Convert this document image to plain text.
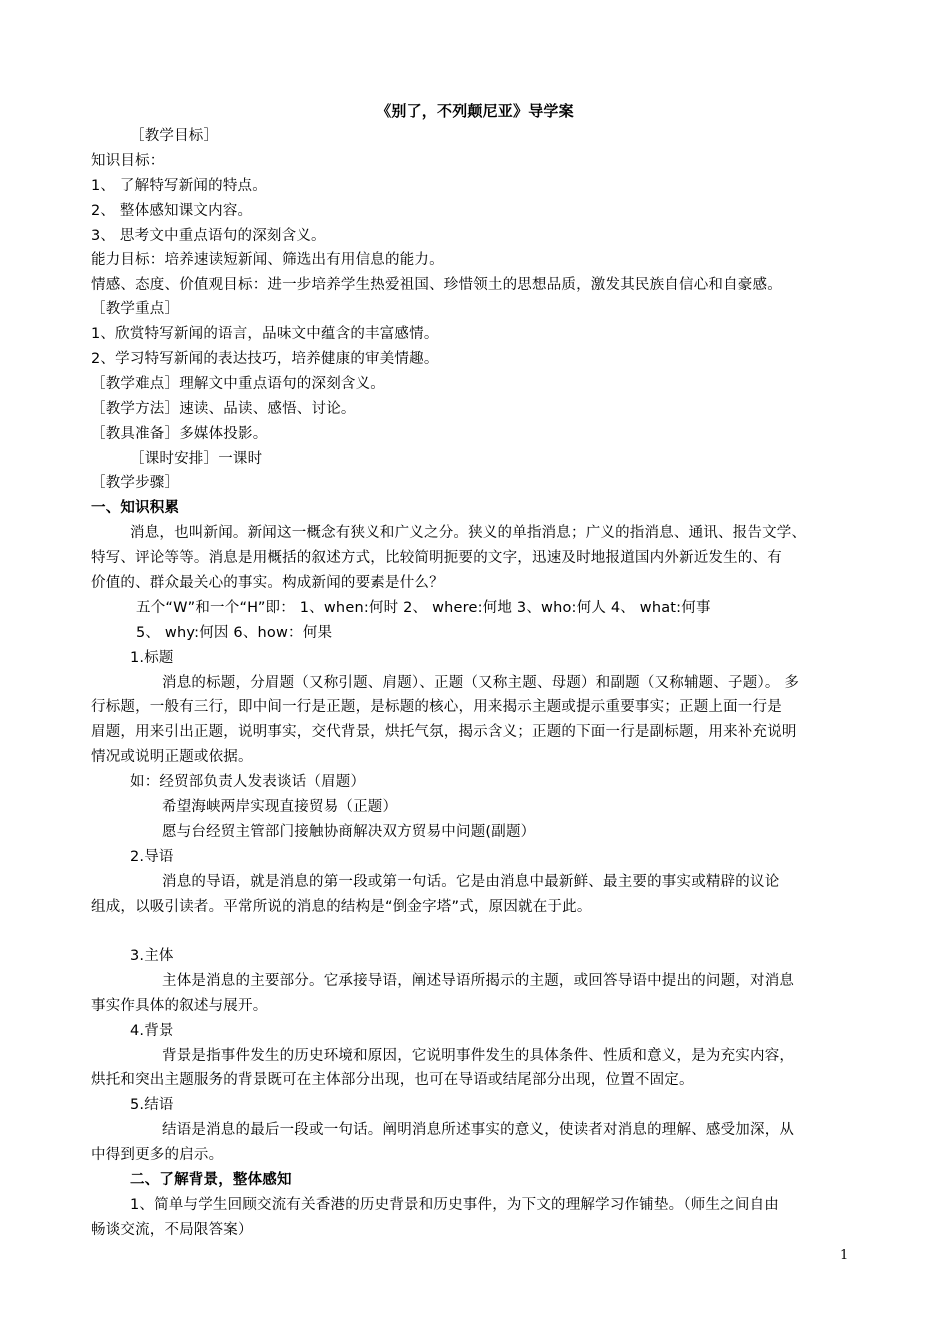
《别了，不列颠尼亚》导学案
［教学目标］
知识目标：
1、 了解特写新闻的特点。
2、 整体感知课文内容。
3、 思考文中重点语句的深刻含义。
能力目标：培养速读短新闻、筛选出有用信息的能力。
情感、态度、价值观目标：进一步培养学生热爱祖国、珍惜领土的思想品质，激发其民族自信心和自豪感。
［教学重点］
1、欣赏特写新闻的语言，品味文中蕴含的丰富感情。
2、学习特写新闻的表达技巧，培养健康的审美情趣。
［教学难点］理解文中重点语句的深刻含义。
［教学方法］速读、品读、感悟、讨论。
［教具准备］多媒体投影。
［课时安排］一课时
［教学步骤］
一、知识积累
消息，也叫新闻。新闻这一概念有狭义和广义之分。狭义的单指消息；广义的指消息、通讯、报告文学、
特写、评论等等。消息是用概括的叙述方式，比较简明扼要的文字，迅速及时地报道国内外新近发生的、有
价值的、群众最关心的事实。构成新闻的要素是什么？
五个“W”和一个“H”即： 1、when:何时 2、 where:何地 3、who:何人 4、 what:何事
5、 why:何因 6、how：何果
1.标题
消息的标题，分眉题（又称引题、肩题）、正题（又称主题、母题）和副题（又称辅题、子题）。 多
行标题，一般有三行，即中间一行是正题，是标题的核心，用来揭示主题或提示重要事实；正题上面一行是
眉题，用来引出正题，说明事实，交代背景，烘托气氛，揭示含义；正题的下面一行是副标题，用来补充说明
情况或说明正题或依据。
如：经贸部负责人发表谈话（眉题）
希望海峡两岸实现直接贸易（正题）
愿与台经贸主管部门接触协商解决双方贸易中问题(副题）
2.导语
消息的导语，就是消息的第一段或第一句话。它是由消息中最新鲜、最主要的事实或精辟的议论
组成，以吸引读者。平常所说的消息的结构是“倒金字塔”式，原因就在于此。
3.主体
主体是消息的主要部分。它承接导语，阐述导语所揭示的主题，或回答导语中提出的问题，对消息
事实作具体的叙述与展开。
4.背景
背景是指事件发生的历史环境和原因，它说明事件发生的具体条件、性质和意义，是为充实内容，
烘托和突出主题服务的背景既可在主体部分出现，也可在导语或结尾部分出现，位置不固定。
5.结语
结语是消息的最后一段或一句话。阐明消息所述事实的意义，使读者对消息的理解、感受加深，从
中得到更多的启示。
二、了解背景，整体感知
1、简单与学生回顾交流有关香港的历史背景和历史事件，为下文的理解学习作铺垫。（师生之间自由
畅谈交流，不局限答案）
1
